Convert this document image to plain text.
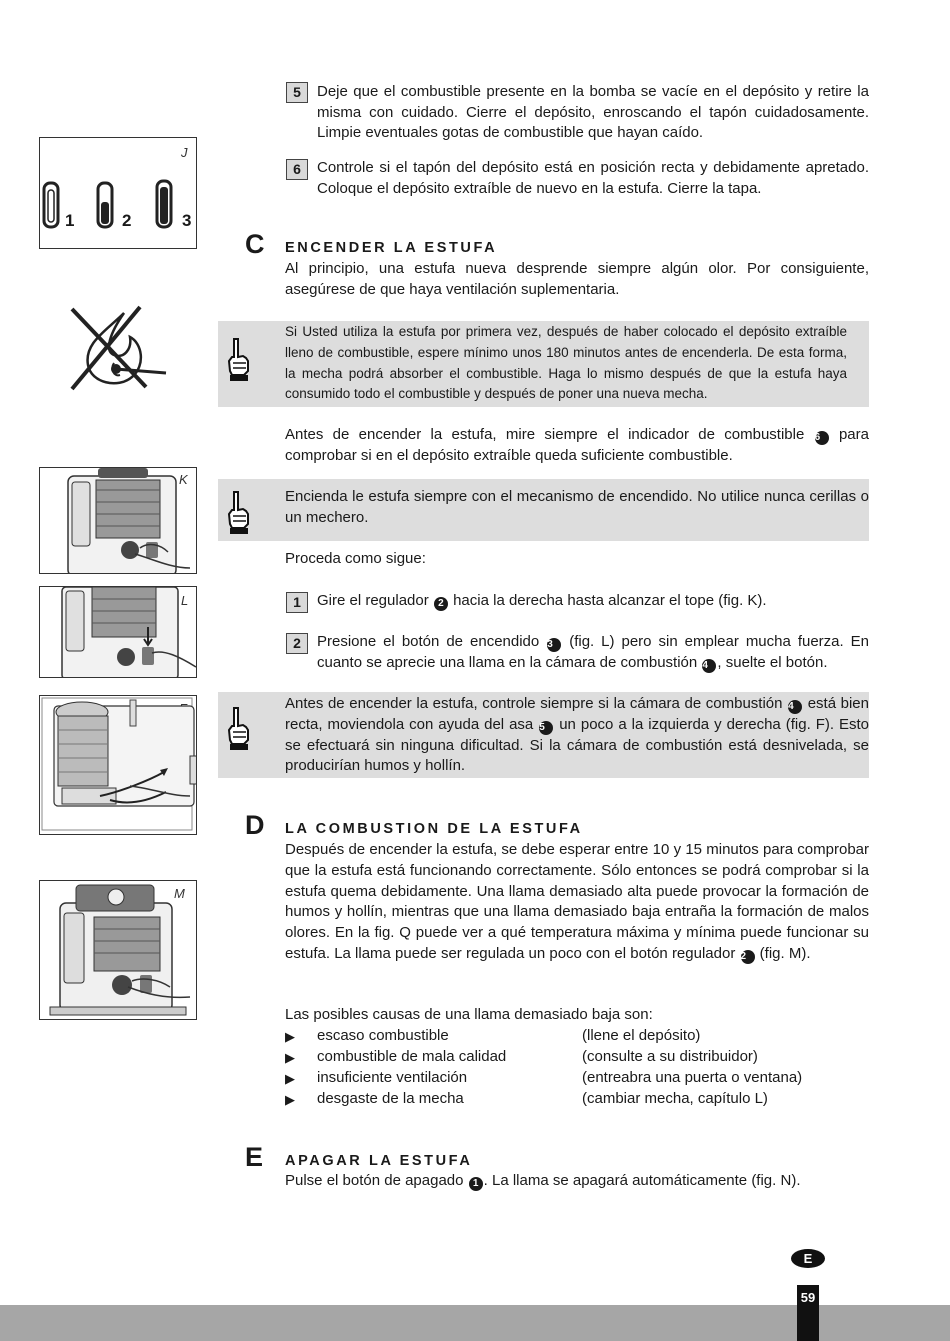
J
1	2	3
K
L
M
5	Deje que el combustible presente en la bomba se vacíe en el depósito y retire la misma con cuidado. Cierre el depósito, enroscando el tapón cuidadosamente. Limpie eventuales gotas de combustible que hayan caído.
6	Controle si el tapón del depósito está en posición recta y debidamente apretado. Coloque el depósito extraíble de nuevo en la estufa. Cierre la tapa.
C ENCENDER LA ESTUFA
Al principio, una estufa nueva desprende siempre algún olor. Por consiguiente, asegúrese de que haya ventilación suplementaria.
Si Usted utiliza la estufa por primera vez, después de haber colocado el depósito extraíble lleno de combustible, espere mínimo unos 180 minutos antes de encenderla. De esta forma, la mecha podrá absorber el combustible. Haga lo mismo después de que la estufa haya consumido todo el combustible y después de poner una nueva mecha.
Antes de encender la estufa, mire siempre el indicador de combustible 6 para comprobar si en el depósito extraíble queda suficiente combustible.
Encienda le estufa siempre con el mecanismo de encendido. No utilice nunca cerillas o un mechero.
Proceda como sigue:
1	Gire el regulador 2 hacia la derecha hasta alcanzar el tope (fig. K).
2	Presione el botón de encendido 3 (fig. L) pero sin emplear mucha fuerza. En cuanto se aprecie una llama en la cámara de combustión 4 , suelte el botón.
Antes de encender la estufa, controle siempre si la cámara de combustión 4 está bien recta, moviendola con ayuda del asa 5 un poco a la izquierda y derecha (fig. F). Esto se efectuará sin ninguna dificultad. Si la cámara de combustión está desnivelada, se producirían humos y hollín.
D LA COMBUSTION DE LA ESTUFA
Después de encender la estufa, se debe esperar entre 10 y 15 minutos para comprobar que la estufa está funcionando correctamente. Sólo entonces se podrá comprobar si la estufa quema debidamente. Una llama demasiado alta puede provocar la formación de humos y hollín, mientras que una llama demasiado baja entraña la formación de malos olores. En la fig. Q puede ver a qué temperatura máxima y mínima puede funcionar su estufa. La llama puede ser regulada un poco con el botón regulador 2 (fig. M).
Las posibles causas de una llama demasiado baja son:
▶ escaso combustible	(llene el depósito)
▶ combustible de mala calidad	(consulte a su distribuidor)
▶ insuficiente ventilación	(entreabra una puerta o ventana)
▶ desgaste de la mecha	(cambiar mecha, capítulo L)
E APAGAR LA ESTUFA
Pulse el botón de apagado 1 . La llama se apagará automáticamente (fig. N).
E
59
